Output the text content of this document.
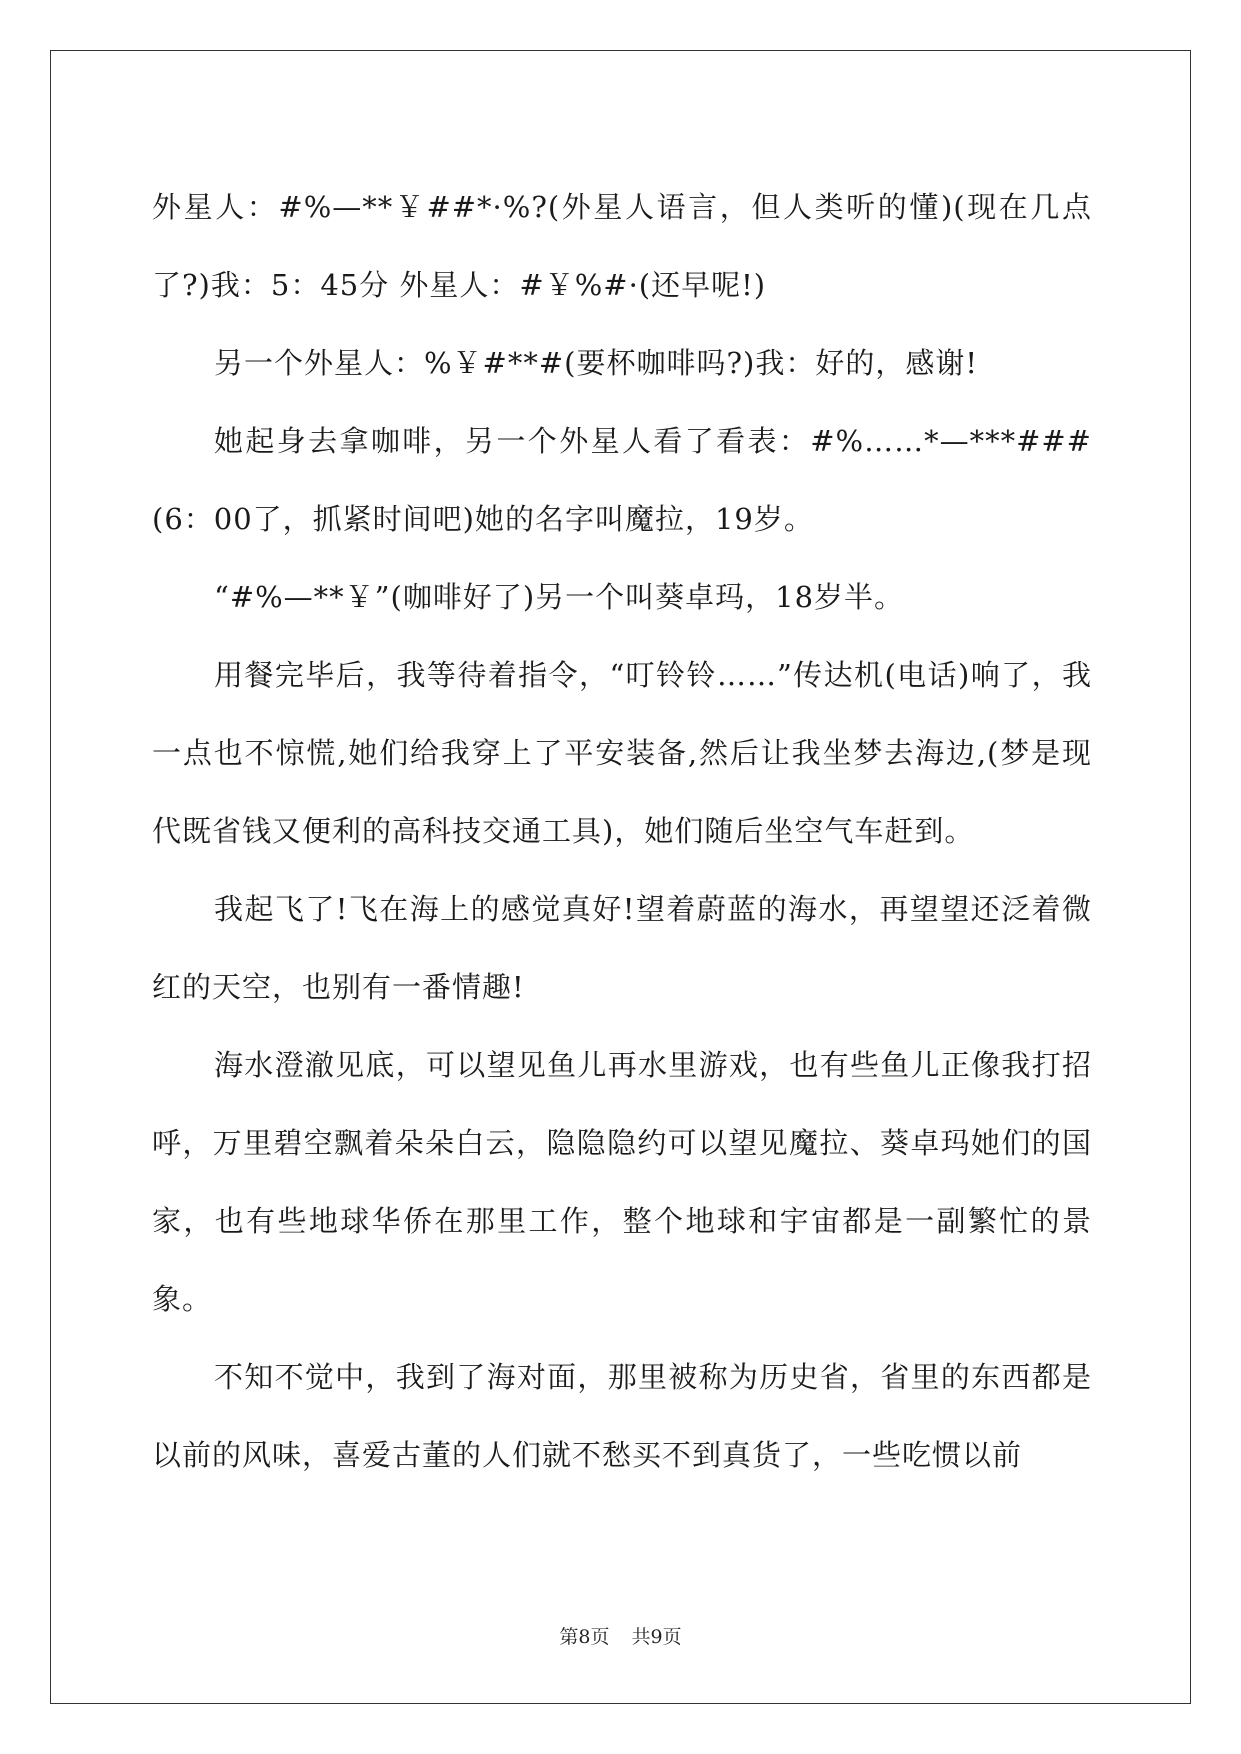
外星人：#%—**￥##*·%?(外星人语言，但人类听的懂)(现在几点了?)我：5：45分 外星人：#￥%#·(还早呢!)

另一个外星人：%￥#**#(要杯咖啡吗?)我：好的，感谢!

她起身去拿咖啡，另一个外星人看了看表：#%……*—***###(6：00了，抓紧时间吧)她的名字叫魔拉，19岁。

“#%—**￥”(咖啡好了)另一个叫葵卓玛，18岁半。

用餐完毕后，我等待着指令，“叮铃铃……”传达机(电话)响了，我一点也不惊慌,她们给我穿上了平安装备,然后让我坐梦去海边,(梦是现代既省钱又便利的高科技交通工具)，她们随后坐空气车赶到。

我起飞了!飞在海上的感觉真好!望着蔚蓝的海水，再望望还泛着微红的天空，也别有一番情趣!

海水澄澈见底，可以望见鱼儿再水里游戏，也有些鱼儿正像我打招呼，万里碧空飘着朵朵白云，隐隐隐约可以望见魔拉、葵卓玛她们的国家，也有些地球华侨在那里工作，整个地球和宇宙都是一副繁忙的景象。

不知不觉中，我到了海对面，那里被称为历史省，省里的东西都是以前的风味，喜爱古董的人们就不愁买不到真货了，一些吃惯以前

第8页 共9页
